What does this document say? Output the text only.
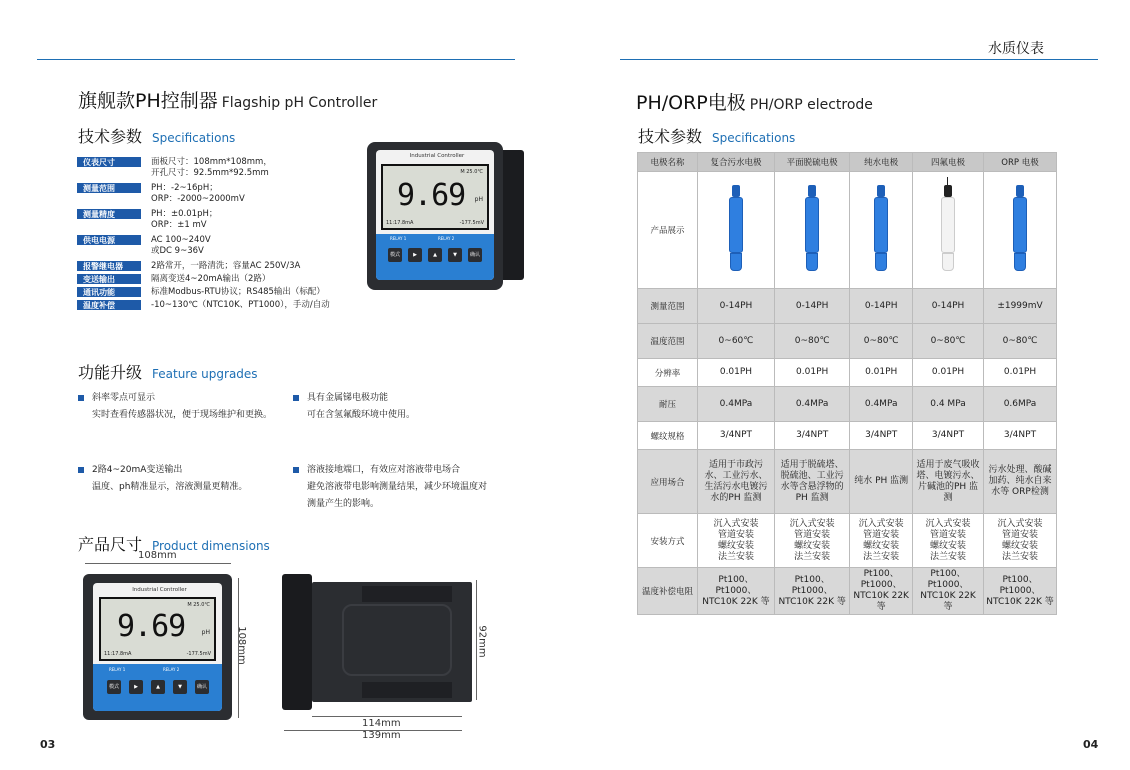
水质仪表
旗舰款PH控制器 Flagship pH Controller
技术参数 Specifications
仪表尺寸	面板尺寸：108mm*108mm，
开孔尺寸：92.5mm*92.5mm
测量范围	PH：-2~16pH；
ORP：-2000~2000mV
测量精度	PH：±0.01pH；
ORP：±1 mV
供电电源	AC 100~240V
或DC 9~36V
报警继电器	2路常开，一路清洗；容量AC 250V/3A
变送输出	隔离变送4~20mA输出（2路）
通讯功能	标准Modbus-RTU协议；RS485输出（标配）
温度补偿	-10~130℃（NTC10K、PT1000），手动/自动
Industrial Controller
M 25.0℃
9.69 pH
11:17.8mA	-177.5mV
RELAY 1	RELAY 2
模式	▶	▲	▼	确认
功能升级 Feature upgrades
斜率零点可显示
实时查看传感器状况，便于现场维护和更换。
具有金属锑电极功能
可在含氢氟酸环境中使用。
2路4~20mA变送输出
温度、ph精准显示，溶液测量更精准。
溶液接地端口，有效应对溶液带电场合
避免溶液带电影响测量结果，减少环境温度对
测量产生的影响。
产品尺寸 Product dimensions
108mm
Industrial Controller
M 25.0℃
9.69	pH
11:17.8mA	-177.5mV
RELAY 1	RELAY 2
模式	▶	▲	▼	确认
108mm	92mm
114mm
139mm
03
PH/ORP电极 PH/ORP electrode
技术参数 Specifications
电极名称	复合污水电极	平面脱硫电极	纯水电极	四氟电极	ORP 电极
产品展示	

测量范围	0-14PH	0-14PH	0-14PH	0-14PH	±1999mV
温度范围	0~60℃	0~80℃	0~80℃	0~80℃	0~80℃
分辨率	0.01PH	0.01PH	0.01PH	0.01PH	0.01PH
耐压	0.4MPa	0.4MPa	0.4MPa	0.4 MPa	0.6MPa
螺纹规格	3/4NPT	3/4NPT	3/4NPT	3/4NPT	3/4NPT
应用场合	适用于市政污水、工业污水、生活污水电镀污水的PH 监测	适用于脱硫塔、脱硫池、工业污水等含悬浮物的PH 监测	纯水 PH 监测	适用于废气吸收塔、电镀污水、片碱池的PH 监测	污水处理、酸碱加药、纯水自来水等 ORP检测
安装方式	沉入式安装
管道安装
螺纹安装
法兰安装	沉入式安装
管道安装
螺纹安装
法兰安装	沉入式安装
管道安装
螺纹安装
法兰安装	沉入式安装
管道安装
螺纹安装
法兰安装	沉入式安装
管道安装
螺纹安装
法兰安装
温度补偿电阻	Pt100、Pt1000、NTC10K 22K 等	Pt100、Pt1000、NTC10K 22K 等	Pt100、Pt1000、NTC10K 22K 等	Pt100、Pt1000、NTC10K 22K 等	Pt100、Pt1000、NTC10K 22K 等
04
